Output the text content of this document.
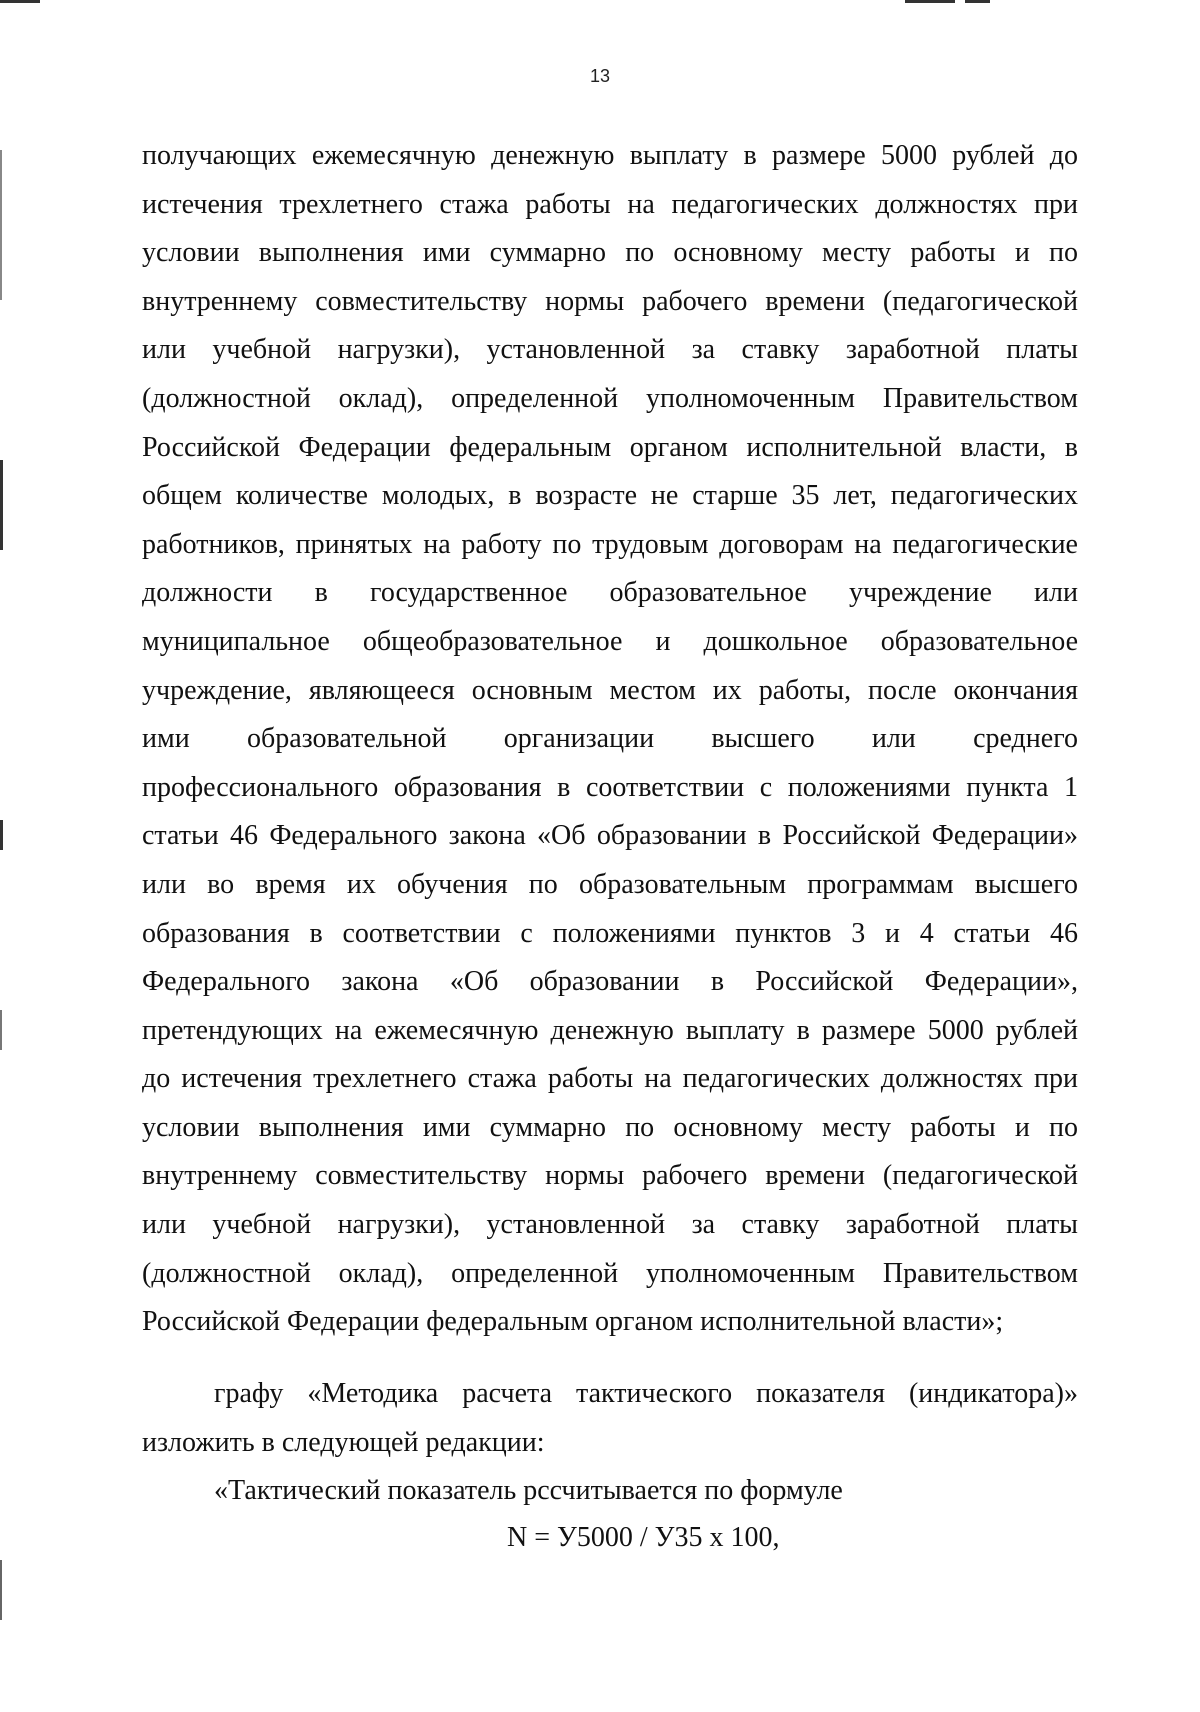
13
получающих ежемесячную денежную выплату в размере 5000 рублей до
истечения трехлетнего стажа работы на педагогических должностях при
условии выполнения ими суммарно по основному месту работы и по
внутреннему совместительству нормы рабочего времени (педагогической
или учебной нагрузки), установленной за ставку заработной платы
(должностной оклад), определенной уполномоченным Правительством
Российской Федерации федеральным органом исполнительной власти, в
общем количестве молодых, в возрасте не старше 35 лет, педагогических
работников, принятых на работу по трудовым договорам на педагогические
должности в государственное образовательное учреждение или
муниципальное общеобразовательное и дошкольное образовательное
учреждение, являющееся основным местом их работы, после окончания
ими образовательной организации высшего или среднего
профессионального образования в соответствии с положениями пункта 1
статьи 46 Федерального закона «Об образовании в Российской Федерации»
или во время их обучения по образовательным программам высшего
образования в соответствии с положениями пунктов 3 и 4 статьи 46
Федерального закона «Об образовании в Российской Федерации»,
претендующих на ежемесячную денежную выплату в размере 5000 рублей
до истечения трехлетнего стажа работы на педагогических должностях при
условии выполнения ими суммарно по основному месту работы и по
внутреннему совместительству нормы рабочего времени (педагогической
или учебной нагрузки), установленной за ставку заработной платы
(должностной оклад), определенной уполномоченным Правительством
Российской Федерации федеральным органом исполнительной власти»;
графу «Методика расчета тактического показателя (индикатора)»
изложить в следующей редакции:
«Тактический показатель рссчитывается по формуле
N = У5000 / У35 х 100,
